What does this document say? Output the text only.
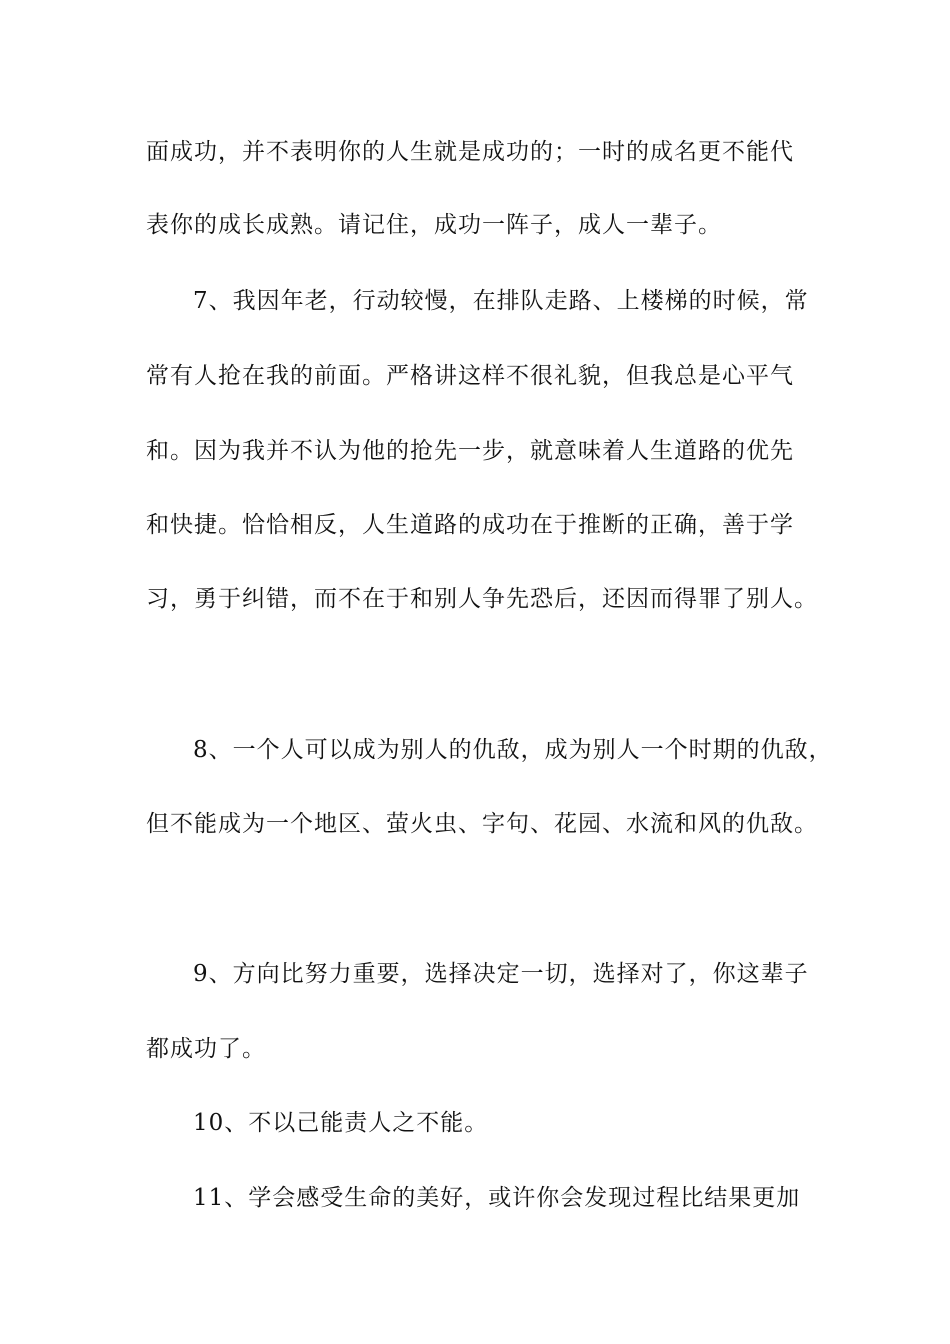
面成功，并不表明你的人生就是成功的；一时的成名更不能代
表你的成长成熟。请记住，成功一阵子，成人一辈子。
7、我因年老，行动较慢，在排队走路、上楼梯的时候，常
常有人抢在我的前面。严格讲这样不很礼貌，但我总是心平气
和。因为我并不认为他的抢先一步，就意味着人生道路的优先
和快捷。恰恰相反，人生道路的成功在于推断的正确，善于学
习，勇于纠错，而不在于和别人争先恐后，还因而得罪了别人。
8、一个人可以成为别人的仇敌，成为别人一个时期的仇敌，
但不能成为一个地区、萤火虫、字句、花园、水流和风的仇敌。
9、方向比努力重要，选择决定一切，选择对了，你这辈子
都成功了。
10、不以己能责人之不能。
11、学会感受生命的美好，或许你会发现过程比结果更加
